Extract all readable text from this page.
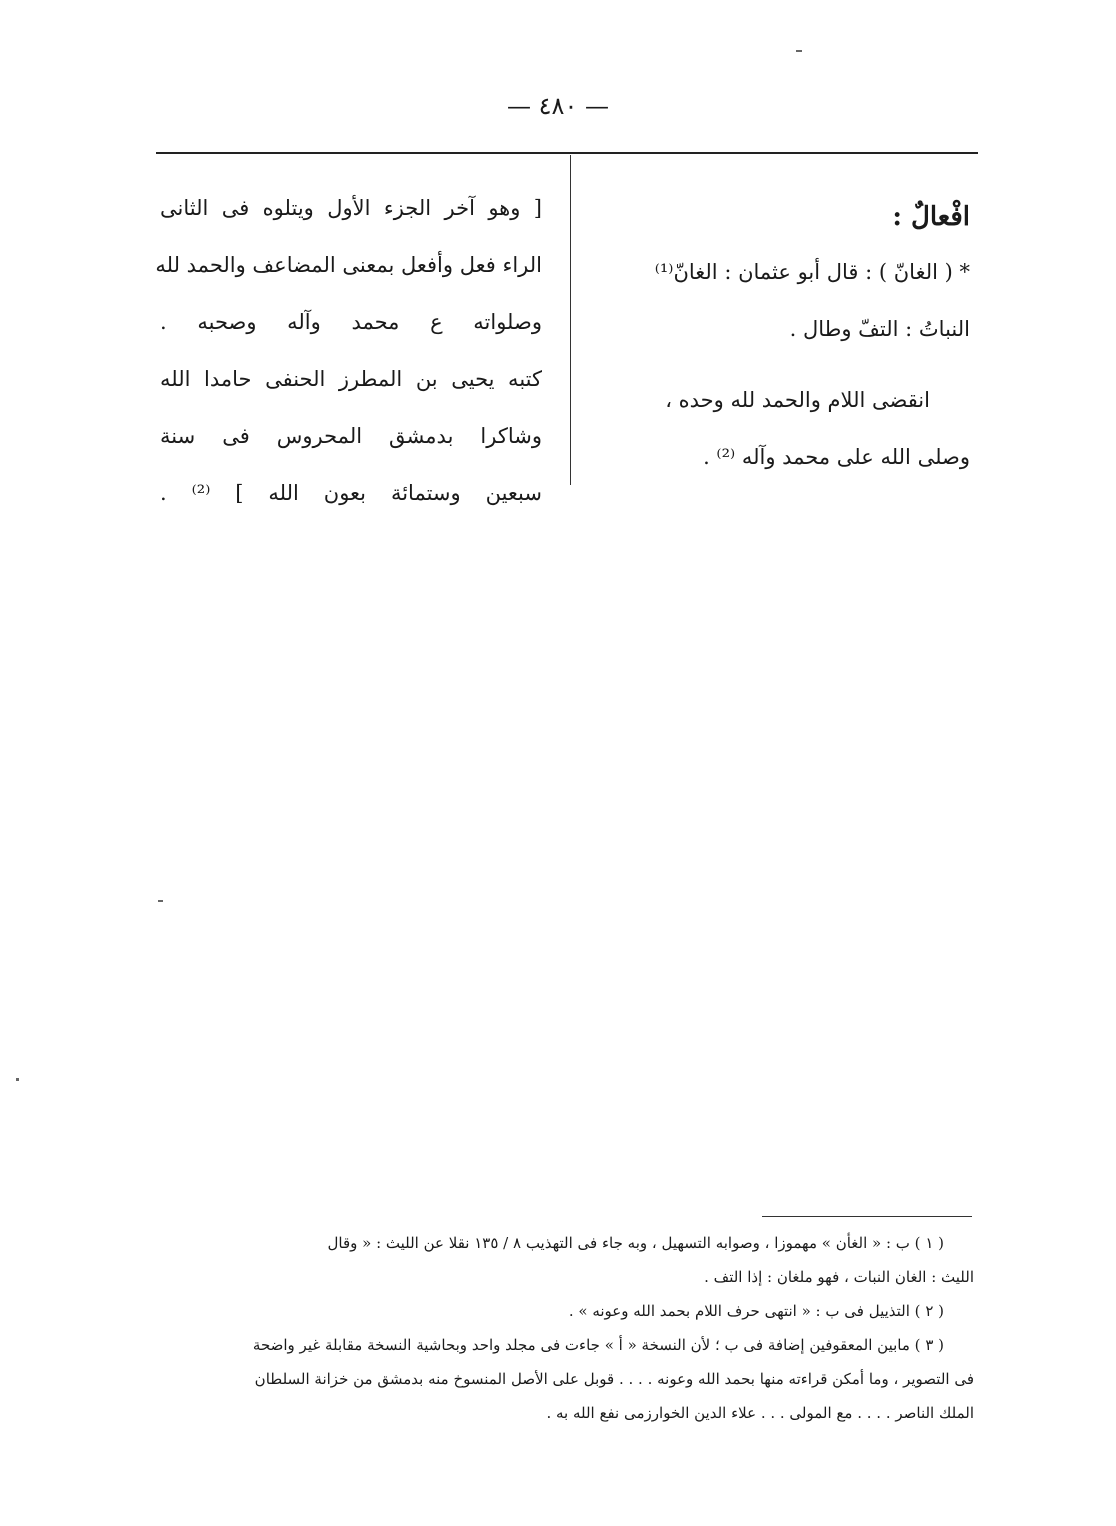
— ٤٨٠ —
افْعالٌ :
* ( الغانّ ) : قال أبو عثمان : الغانّ⁽¹⁾
النباتُ : التفّ وطال .
انقضى اللام والحمد لله وحده ،
وصلى الله على محمد وآله ⁽²⁾ .
[ وهو آخر الجزء الأول ويتلوه فى الثانى
الراء فعل وأفعل بمعنى المضاعف والحمد لله
وصلواته ع محمد وآله وصحبه .
كتبه يحيى بن المطرز الحنفى حامدا الله
وشاكرا بدمشق المحروس فى سنة
سبعين وستمائة بعون الله ] ⁽²⁾ .
( ١ ) ب : « الغأن » مهموزا ، وصوابه التسهيل ، وبه جاء فى التهذيب ٨ / ١٣٥ نقلا عن الليث : « وقال
الليث : الغان النبات ، فهو ملغان : إذا التف .
( ٢ ) التذييل فى ب : « انتهى حرف اللام بحمد الله وعونه » .
( ٣ ) مابين المعقوفين إضافة فى ب ؛ لأن النسخة « أ » جاءت فى مجلد واحد وبحاشية النسخة مقابلة غير واضحة
فى التصوير ، وما أمكن قراءته منها بحمد الله وعونه . . . . قوبل على الأصل المنسوخ منه بدمشق من خزانة السلطان
الملك الناصر . . . . مع المولى . . . علاء الدين الخوارزمى نفع الله به .
